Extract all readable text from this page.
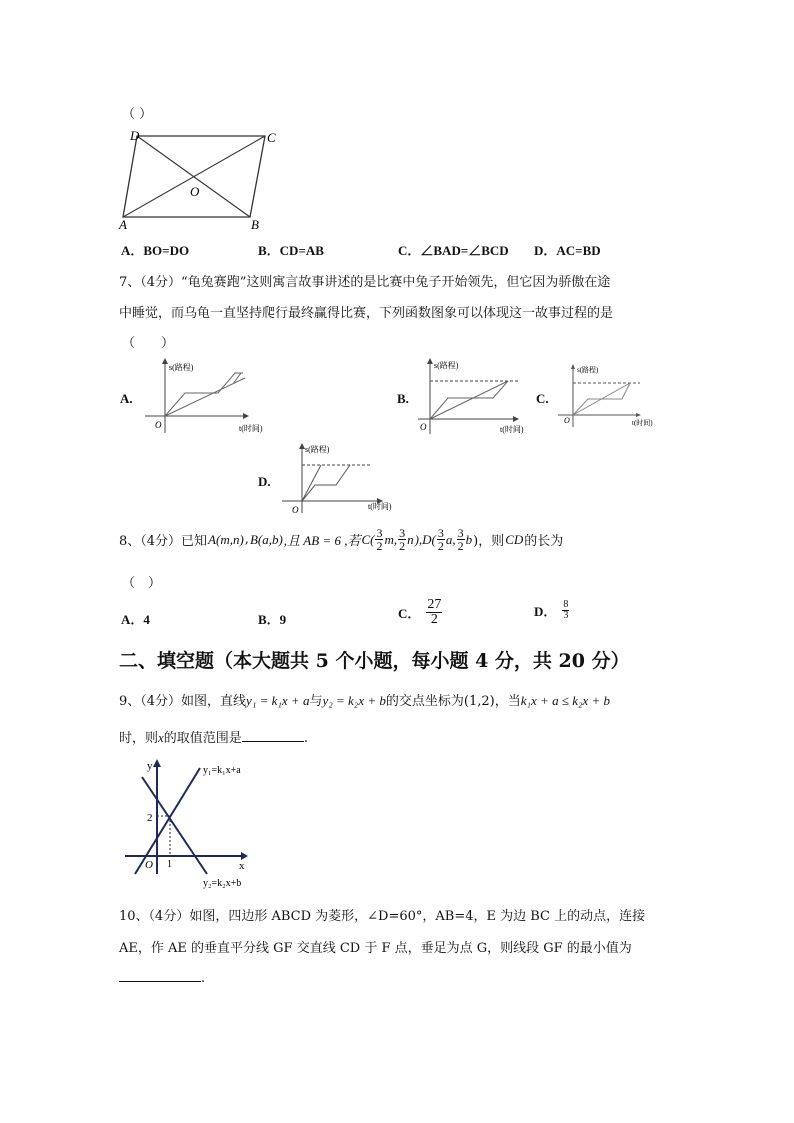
（ ）
D	C
O
A	B
A．BO=DO	B．CD=AB	C．∠BAD=∠BCD D．AC=BD
7、（4分）“龟兔赛跑”这则寓言故事讲述的是比赛中兔子开始领先，但它因为骄傲在途
中睡觉，而乌龟一直坚持爬行最终赢得比赛，下列函数图象可以体现这一故事过程的是
（　　）
A.
s(路程)
O	t(时间)
B.
s(路程)
O	t(时间)
C.
s(路程)
O	t(时间)
D.
s(路程)
O	t(时间)
8、（4分）已知 A(m,n) , B(a,b) ,且 AB = 6 ,若 $C( \frac{3}{2} m$, $\frac{3}{2}$ n )$,D( \frac{3}{2} a$, $\frac{3}{2}$ b )，则 CD 的长为
（　）
A．4	B．9	C． $\frac{27}{2}$	D． $\frac{8}{3}$
二、填空题（本大题共 5 个小题，每小题 4 分，共 20 分）
9、（4分）如图，直线y₁ = k₁x + a与y₂ = k₂x + b的交点坐标为(1,2)，当k₁x + a ≤ k₂x + b
时，则x的取值范围是	.
y
x
O 1
2
y₁=k₁x+a
y₂=k₂x+b
10、（4分）如图，四边形 ABCD 为菱形，∠D=60°，AB=4，E 为边 BC 上的动点，连接
AE，作 AE 的垂直平分线 GF 交直线 CD 于 F 点，垂足为点 G，则线段 GF 的最小值为
.
